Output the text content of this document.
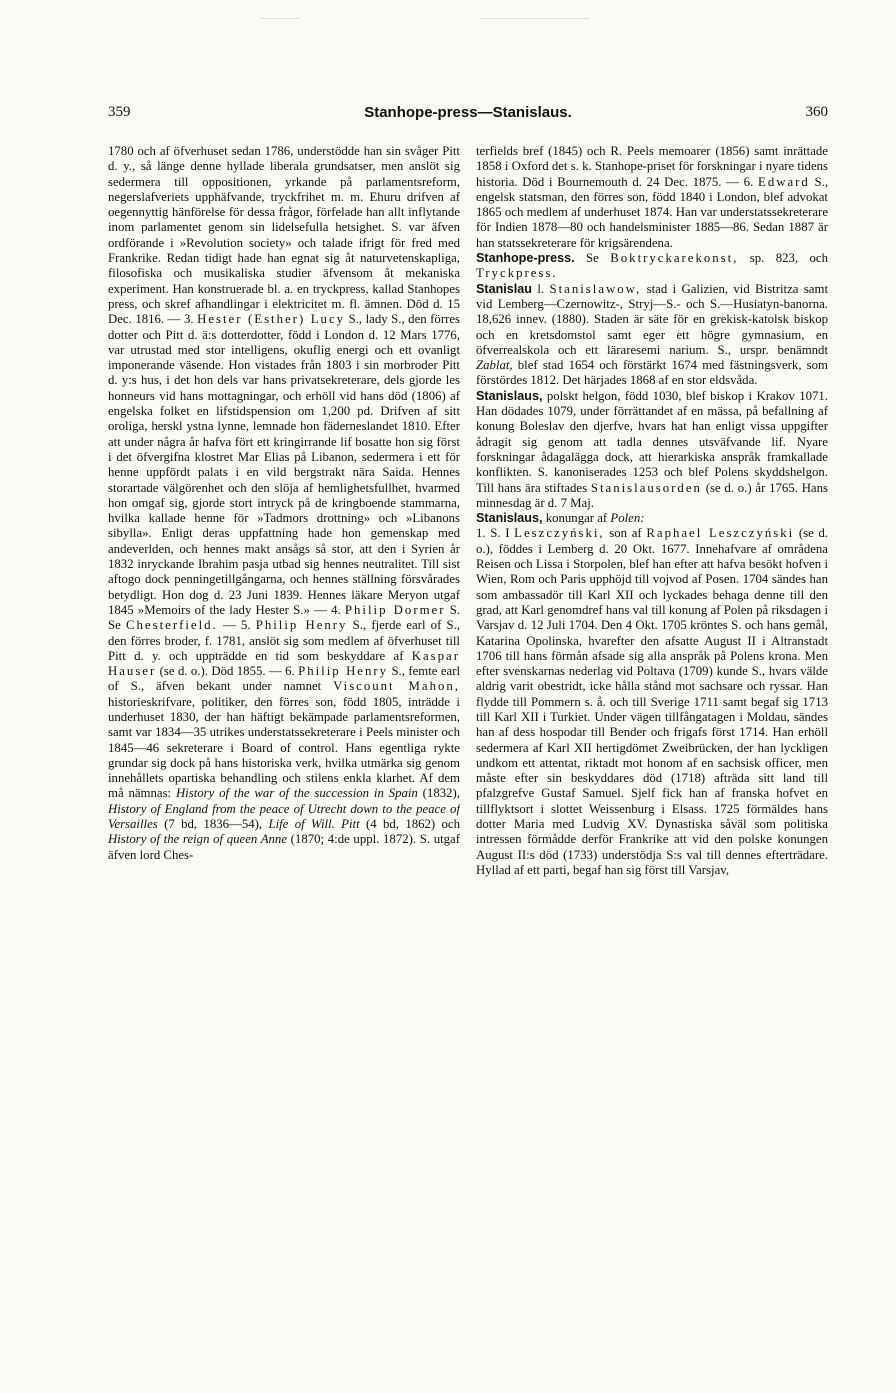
359	Stanhope-press—Stanislaus.	360

1780 och af öfverhuset sedan 1786, understödde han sin svåger Pitt d. y., så länge denne hyllade liberala grundsatser, men anslöt sig sedermera till oppositionen, yrkande på parlamentsreform, negerslafveriets upphäfvande, tryckfrihet m. m. Ehuru drifven af oegennyttig hänförelse för dessa frågor, förfelade han allt inflytande inom parlamentet genom sin lidelsefulla hetsighet. S. var äfven ordförande i »Revolution society» och talade ifrigt för fred med Frankrike. Redan tidigt hade han egnat sig åt naturvetenskapliga, filosofiska och musikaliska studier äfvensom åt mekaniska experiment. Han konstruerade bl. a. en tryckpress, kallad Stanhopes press, och skref afhandlingar i elektricitet m. fl. ämnen. Död d. 15 Dec. 1816. — 3. Hester (Esther) Lucy S., lady S., den förres dotter och Pitt d. ä:s dotterdotter, född i London d. 12 Mars 1776, var utrustad med stor intelligens, okuflig energi och ett ovanligt imponerande väsende. Hon vistades från 1803 i sin morbroder Pitt d. y:s hus, i det hon dels var hans privatsekreterare, dels gjorde les honneurs vid hans mottagningar, och erhöll vid hans död (1806) af engelska folket en lifstidspension om 1,200 pd. Drifven af sitt oroliga, herskl ystna lynne, lemnade hon fäderneslandet 1810. Efter att under några år hafva fört ett kringirrande lif bosatte hon sig först i det öfvergifna klostret Mar Elias på Libanon, sedermera i ett för henne uppfördt palats i en vild bergstrakt nära Saida. Hennes storartade välgörenhet och den slöja af hemlighetsfullhet, hvarmed hon omgaf sig, gjorde stort intryck på de kringboende stammarna, hvilka kallade henne för »Tadmors drottning» och »Libanons sibylla». Enligt deras uppfattning hade hon gemenskap med andeverlden, och hennes makt ansågs så stor, att den i Syrien år 1832 inryckande Ibrahim pasja utbad sig hennes neutralitet. Till sist aftogo dock penningetillgångarna, och hennes ställning försvårades betydligt. Hon dog d. 23 Juni 1839. Hennes läkare Meryon utgaf 1845 »Memoirs of the lady Hester S.» — 4. Philip Dormer S. Se Chesterfield. — 5. Philip Henry S., fjerde earl of S., den förres broder, f. 1781, anslöt sig som medlem af öfverhuset till Pitt d. y. och uppträdde en tid som beskyddare af Kaspar Hauser (se d. o.). Död 1855. — 6. Philip Henry S., femte earl of S., äfven bekant under namnet Viscount Mahon, historieskrifvare, politiker, den förres son, född 1805, inträdde i underhuset 1830, der han häftigt bekämpade parlamentsreformen, samt var 1834—35 utrikes understatssekreterare i Peels minister och 1845—46 sekreterare i Board of control. Hans egentliga rykte grundar sig dock på hans historiska verk, hvilka utmärka sig genom innehållets opartiska behandling och stilens enkla klarhet. Af dem må nämnas: History of the war of the succession in Spain (1832), History of England from the peace of Utrecht down to the peace of Versailles (7 bd, 1836—54), Life of Will. Pitt (4 bd, 1862) och History of the reign of queen Anne (1870; 4:de uppl. 1872). S. utgaf äfven lord Ches-

terfields bref (1845) och R. Peels memoarer (1856) samt inrättade 1858 i Oxford det s. k. Stanhope-priset för forskningar i nyare tidens historia. Död i Bournemouth d. 24 Dec. 1875. — 6. Edward S., engelsk statsman, den förres son, född 1840 i London, blef advokat 1865 och medlem af underhuset 1874. Han var understatssekreterare för Indien 1878—80 och handelsminister 1885—86. Sedan 1887 är han statssekreterare för krigsärendena.

Stanhope-press. Se Boktryckarekonst, sp. 823, och Tryckpress.

Stanislau l. Stanislawow, stad i Galizien, vid Bistritza samt vid Lemberg—Czernowitz-, Stryj—S.- och S.—Husiatyn-banorna. 18,626 innev. (1880). Staden är säte för en grekisk-katolsk biskop och en kretsdomstol samt eger ett högre gymnasium, en öfverrealskola och ett läraresemi narium. S., urspr. benämndt Zablat, blef stad 1654 och förstärkt 1674 med fästningsverk, som förstördes 1812. Det härjades 1868 af en stor eldsvåda.

Stanislaus, polskt helgon, född 1030, blef biskop i Krakov 1071. Han dödades 1079, under förrättandet af en mässa, på befallning af konung Boleslav den djerfve, hvars hat han enligt vissa uppgifter ådragit sig genom att tadla dennes utsväfvande lif. Nyare forskningar ådagalägga dock, att hierarkiska anspråk framkallade konflikten. S. kanoniserades 1253 och blef Polens skyddshelgon. Till hans ära stiftades Stanislausorden (se d. o.) år 1765. Hans minnesdag är d. 7 Maj.

Stanislaus, konungar af Polen:

1. S. I Leszczyński, son af Raphael Leszczyński (se d. o.), föddes i Lemberg d. 20 Okt. 1677. Innehafvare af områdena Reisen och Lissa i Storpolen, blef han efter att hafva besökt hofven i Wien, Rom och Paris upphöjd till vojvod af Posen. 1704 sändes han som ambassadör till Karl XII och lyckades behaga denne till den grad, att Karl genomdref hans val till konung af Polen på riksdagen i Varsjav d. 12 Juli 1704. Den 4 Okt. 1705 kröntes S. och hans gemål, Katarina Opolinska, hvarefter den afsatte August II i Altranstadt 1706 till hans förmån afsade sig alla anspråk på Polens krona. Men efter svenskarnas nederlag vid Poltava (1709) kunde S., hvars välde aldrig varit obestridt, icke hålla stånd mot sachsare och ryssar. Han flydde till Pommern s. å. och till Sverige 1711 samt begaf sig 1713 till Karl XII i Turkiet. Under vägen tillfångatagen i Moldau, sändes han af dess hospodar till Bender och frigafs först 1714. Han erhöll sedermera af Karl XII hertigdömet Zweibrücken, der han lyckligen undkom ett attentat, riktadt mot honom af en sachsisk officer, men måste efter sin beskyddares död (1718) afträda sitt land till pfalzgrefve Gustaf Samuel. Sjelf fick han af franska hofvet en tillflyktsort i slottet Weissenburg i Elsass. 1725 förmäldes hans dotter Maria med Ludvig XV. Dynastiska såväl som politiska intressen förmådde derför Frankrike att vid den polske konungen August II:s död (1733) understödja S:s val till dennes efterträdare. Hyllad af ett parti, begaf han sig först till Varsjav,
